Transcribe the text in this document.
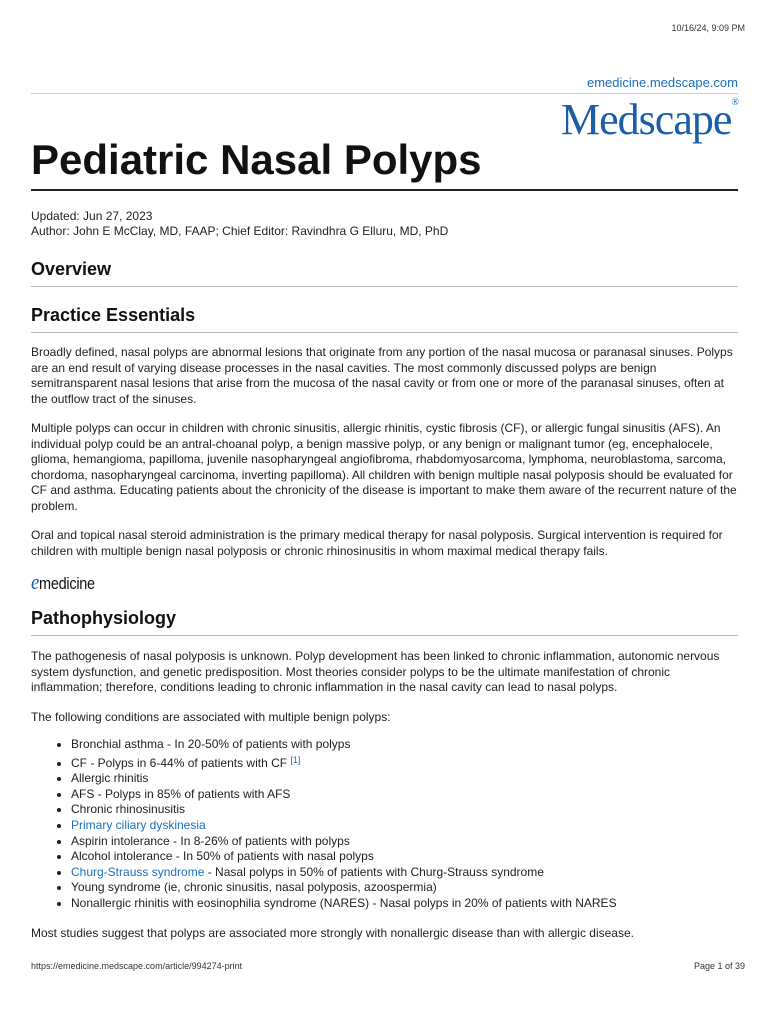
10/16/24, 9:09 PM
emedicine.medscape.com
Medscape®
Pediatric Nasal Polyps
Updated: Jun 27, 2023
Author: John E McClay, MD, FAAP; Chief Editor: Ravindhra G Elluru, MD, PhD
Overview
Practice Essentials

Broadly defined, nasal polyps are abnormal lesions that originate from any portion of the nasal mucosa or paranasal sinuses. Polyps are an end result of varying disease processes in the nasal cavities. The most commonly discussed polyps are benign semitransparent nasal lesions that arise from the mucosa of the nasal cavity or from one or more of the paranasal sinuses, often at the outflow tract of the sinuses.

Multiple polyps can occur in children with chronic sinusitis, allergic rhinitis, cystic fibrosis (CF), or allergic fungal sinusitis (AFS). An individual polyp could be an antral-choanal polyp, a benign massive polyp, or any benign or malignant tumor (eg, encephalocele, glioma, hemangioma, papilloma, juvenile nasopharyngeal angiofibroma, rhabdomyosarcoma, lymphoma, neuroblastoma, sarcoma, chordoma, nasopharyngeal carcinoma, inverting papilloma). All children with benign multiple nasal polyposis should be evaluated for CF and asthma. Educating patients about the chronicity of the disease is important to make them aware of the recurrent nature of the problem.

Oral and topical nasal steroid administration is the primary medical therapy for nasal polyposis. Surgical intervention is required for children with multiple benign nasal polyposis or chronic rhinosinusitis in whom maximal medical therapy fails.

emedicine
Pathophysiology

The pathogenesis of nasal polyposis is unknown. Polyp development has been linked to chronic inflammation, autonomic nervous system dysfunction, and genetic predisposition. Most theories consider polyps to be the ultimate manifestation of chronic inflammation; therefore, conditions leading to chronic inflammation in the nasal cavity can lead to nasal polyps.

The following conditions are associated with multiple benign polyps:

• Bronchial asthma - In 20-50% of patients with polyps
• CF - Polyps in 6-44% of patients with CF [1]
• Allergic rhinitis
• AFS - Polyps in 85% of patients with AFS
• Chronic rhinosinusitis
• Primary ciliary dyskinesia
• Aspirin intolerance - In 8-26% of patients with polyps
• Alcohol intolerance - In 50% of patients with nasal polyps
• Churg-Strauss syndrome - Nasal polyps in 50% of patients with Churg-Strauss syndrome
• Young syndrome (ie, chronic sinusitis, nasal polyposis, azoospermia)
• Nonallergic rhinitis with eosinophilia syndrome (NARES) - Nasal polyps in 20% of patients with NARES

Most studies suggest that polyps are associated more strongly with nonallergic disease than with allergic disease.

https://emedicine.medscape.com/article/994274-print	Page 1 of 39
